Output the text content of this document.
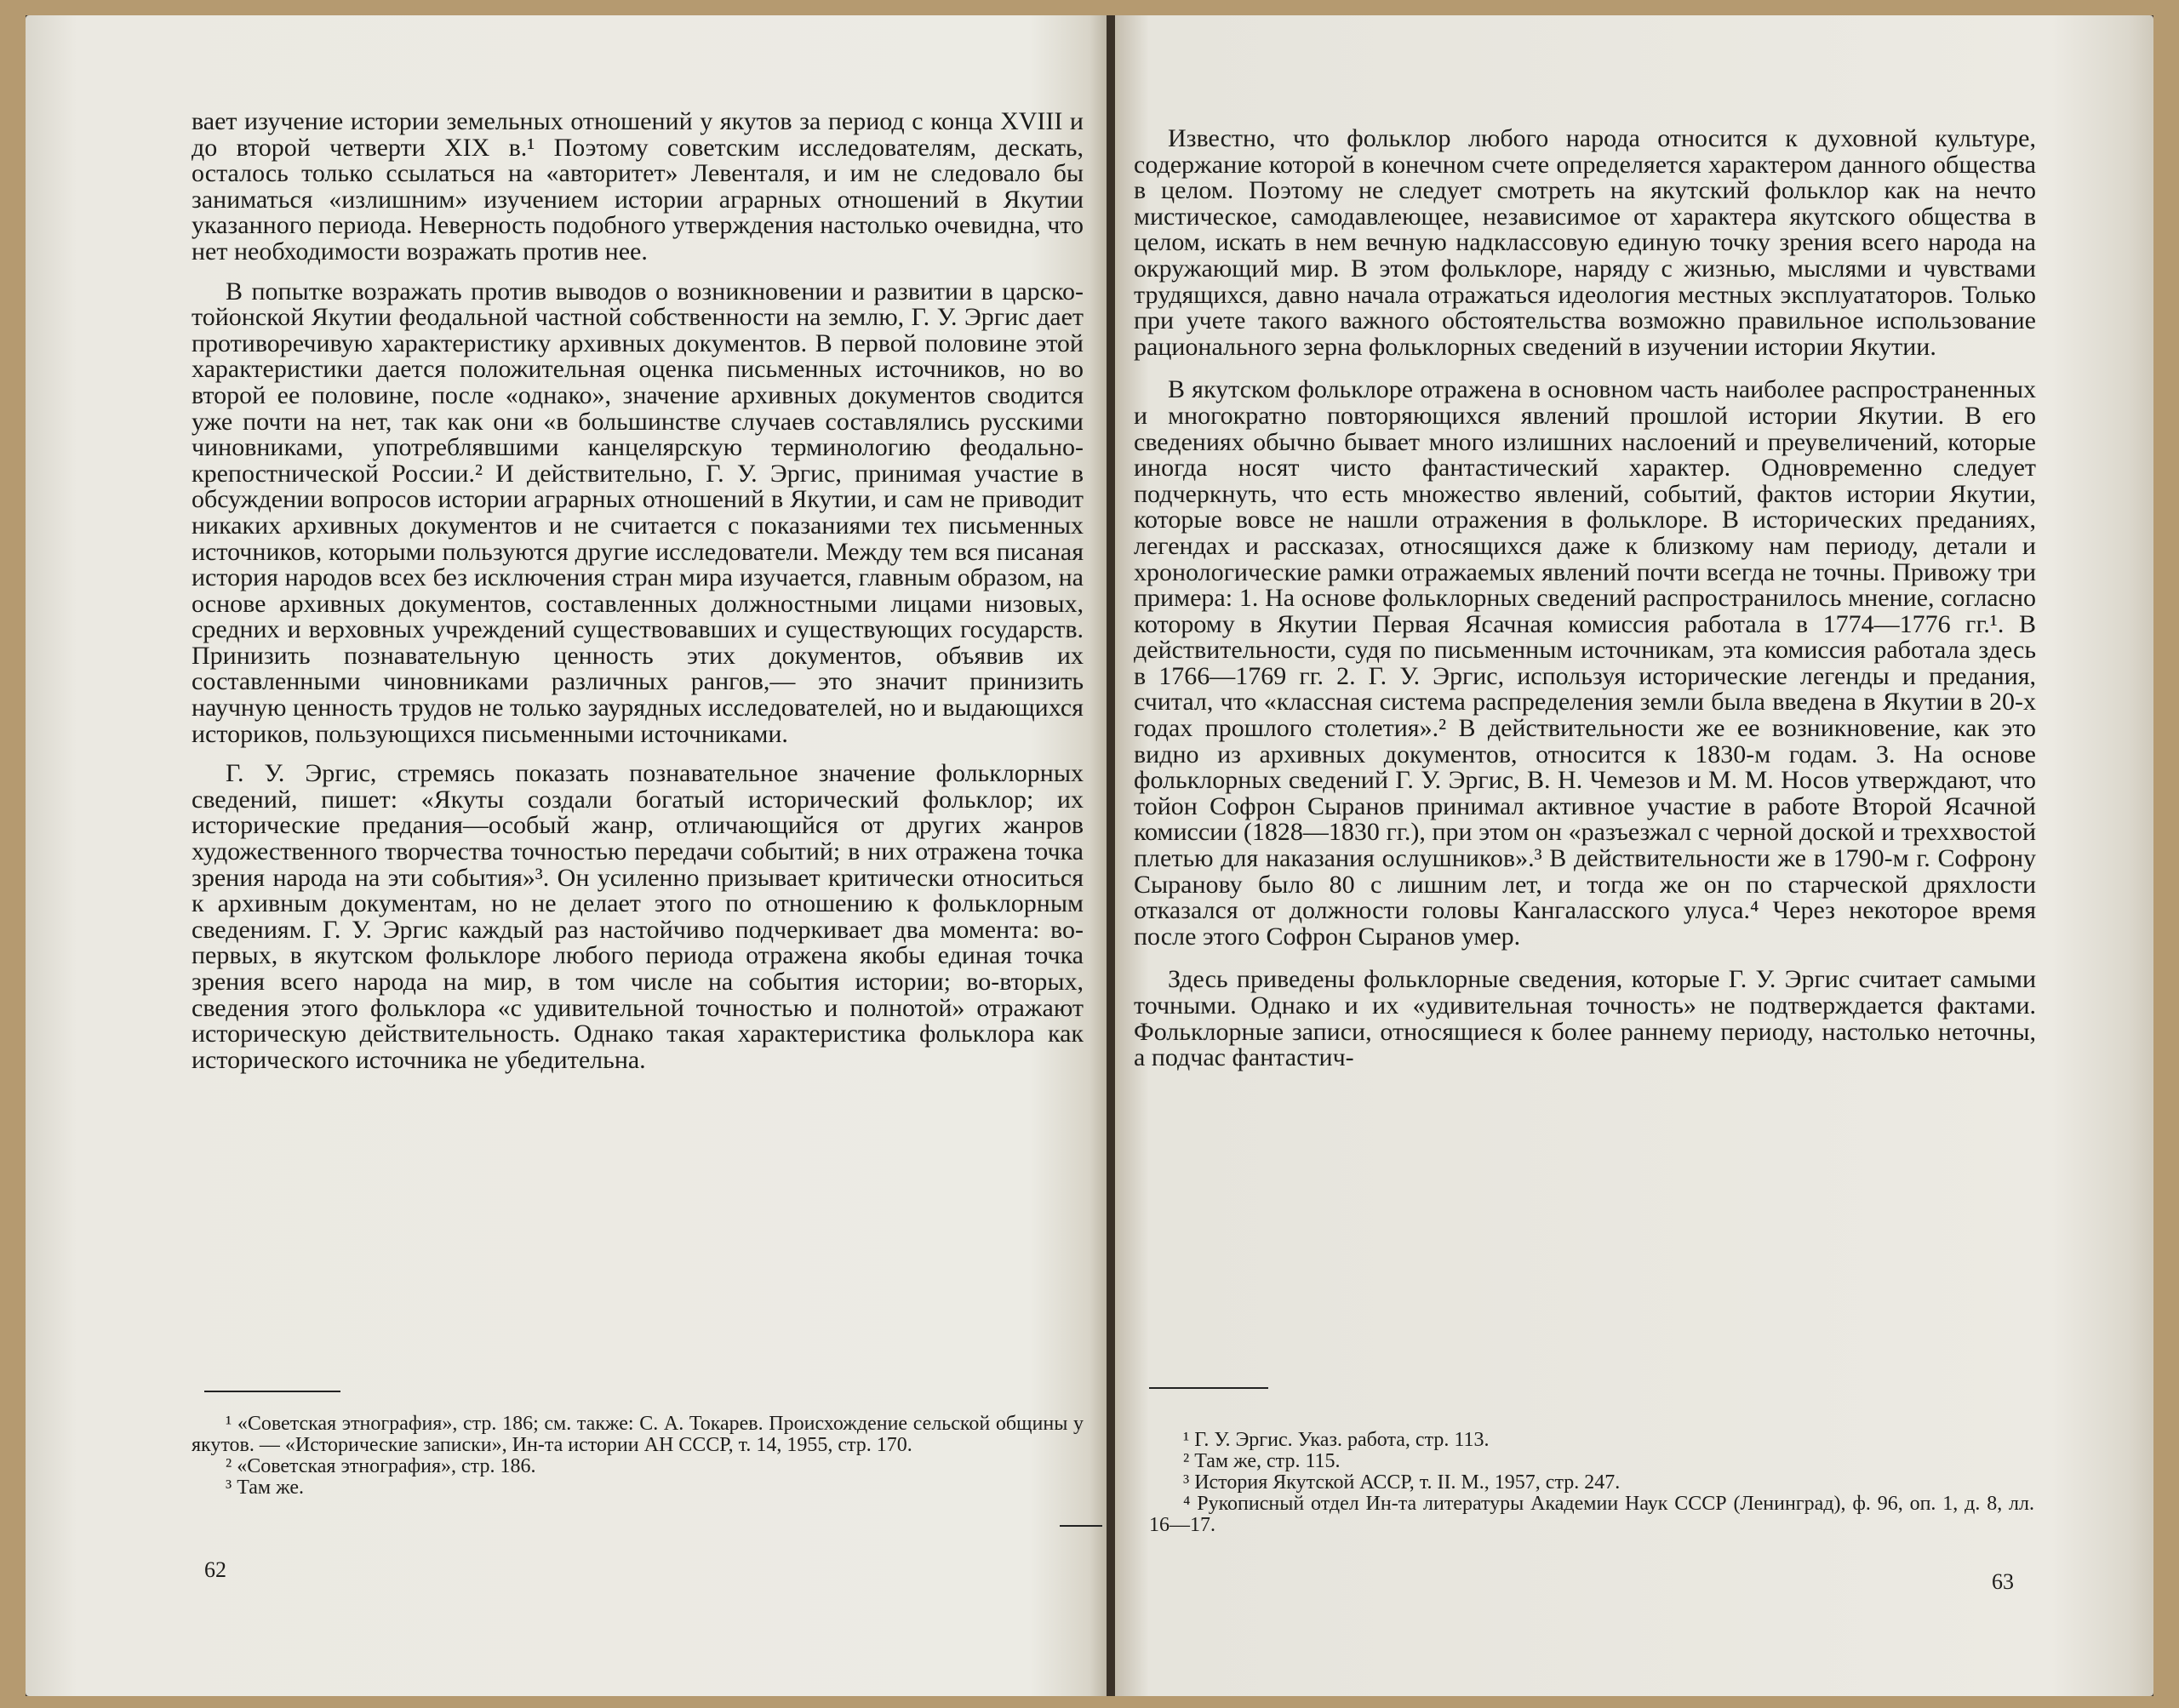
вает изучение истории земельных отношений у якутов за период с конца XVIII и до второй четверти XIX в.¹ Поэтому советским исследователям, дескать, осталось только ссылаться на «авторитет» Левенталя, и им не следовало бы заниматься «излишним» изучением истории аграрных отношений в Якутии указанного периода. Неверность подобного утверждения настолько очевидна, что нет необходимости возражать против нее.

В попытке возражать против выводов о возникновении и развитии в царско-тойонской Якутии феодальной частной собственности на землю, Г. У. Эргис дает противоречивую характеристику архивных документов. В первой половине этой характеристики дается положительная оценка письменных источников, но во второй ее половине, после «однако», значение архивных документов сводится уже почти на нет, так как они «в большинстве случаев составлялись русскими чиновниками, употреблявшими канцелярскую терминологию феодально-крепостнической России.² И действительно, Г. У. Эргис, принимая участие в обсуждении вопросов истории аграрных отношений в Якутии, и сам не приводит никаких архивных документов и не считается с показаниями тех письменных источников, которыми пользуются другие исследователи. Между тем вся писаная история народов всех без исключения стран мира изучается, главным образом, на основе архивных документов, составленных должностными лицами низовых, средних и верховных учреждений существовавших и существующих государств. Принизить познавательную ценность этих документов, объявив их составленными чиновниками различных рангов,— это значит принизить научную ценность трудов не только заурядных исследователей, но и выдающихся историков, пользующихся письменными источниками.

Г. У. Эргис, стремясь показать познавательное значение фольклорных сведений, пишет: «Якуты создали богатый исторический фольклор; их исторические предания—особый жанр, отличающийся от других жанров художественного творчества точностью передачи событий; в них отражена точка зрения народа на эти события»³. Он усиленно призывает критически относиться к архивным документам, но не делает этого по отношению к фольклорным сведениям. Г. У. Эргис каждый раз настойчиво подчеркивает два момента: во-первых, в якутском фольклоре любого периода отражена якобы единая точка зрения всего народа на мир, в том числе на события истории; во-вторых, сведения этого фольклора «с удивительной точностью и полнотой» отражают историческую действительность. Однако такая характеристика фольклора как исторического источника не убедительна.

¹ «Советская этнография», стр. 186; см. также: С. А. Токарев. Происхождение сельской общины у якутов. — «Исторические записки», Ин-та истории АН СССР, т. 14, 1955, стр. 170.

² «Советская этнография», стр. 186.

³ Там же.

62

Известно, что фольклор любого народа относится к духовной культуре, содержание которой в конечном счете определяется характером данного общества в целом. Поэтому не следует смотреть на якутский фольклор как на нечто мистическое, самодавлеющее, независимое от характера якутского общества в целом, искать в нем вечную надклассовую единую точку зрения всего народа на окружающий мир. В этом фольклоре, наряду с жизнью, мыслями и чувствами трудящихся, давно начала отражаться идеология местных эксплуататоров. Только при учете такого важного обстоятельства возможно правильное использование рационального зерна фольклорных сведений в изучении истории Якутии.

В якутском фольклоре отражена в основном часть наиболее распространенных и многократно повторяющихся явлений прошлой истории Якутии. В его сведениях обычно бывает много излишних наслоений и преувеличений, которые иногда носят чисто фантастический характер. Одновременно следует подчеркнуть, что есть множество явлений, событий, фактов истории Якутии, которые вовсе не нашли отражения в фольклоре. В исторических преданиях, легендах и рассказах, относящихся даже к близкому нам периоду, детали и хронологические рамки отражаемых явлений почти всегда не точны. Привожу три примера: 1. На основе фольклорных сведений распространилось мнение, согласно которому в Якутии Первая Ясачная комиссия работала в 1774—1776 гг.¹. В действительности, судя по письменным источникам, эта комиссия работала здесь в 1766—1769 гг. 2. Г. У. Эргис, используя исторические легенды и предания, считал, что «классная система распределения земли была введена в Якутии в 20-х годах прошлого столетия».² В действительности же ее возникновение, как это видно из архивных документов, относится к 1830-м годам. 3. На основе фольклорных сведений Г. У. Эргис, В. Н. Чемезов и М. М. Носов утверждают, что тойон Софрон Сыранов принимал активное участие в работе Второй Ясачной комиссии (1828—1830 гг.), при этом он «разъезжал с черной доской и треххвостой плетью для наказания ослушников».³ В действительности же в 1790-м г. Софрону Сыранову было 80 с лишним лет, и тогда же он по старческой дряхлости отказался от должности головы Кангаласского улуса.⁴ Через некоторое время после этого Софрон Сыранов умер.

Здесь приведены фольклорные сведения, которые Г. У. Эргис считает самыми точными. Однако и их «удивительная точность» не подтверждается фактами. Фольклорные записи, относящиеся к более раннему периоду, настолько неточны, а подчас фантастич-

¹ Г. У. Эргис. Указ. работа, стр. 113.

² Там же, стр. 115.

³ История Якутской АССР, т. II. М., 1957, стр. 247.

⁴ Рукописный отдел Ин-та литературы Академии Наук СССР (Ленинград), ф. 96, оп. 1, д. 8, лл. 16—17.

63
